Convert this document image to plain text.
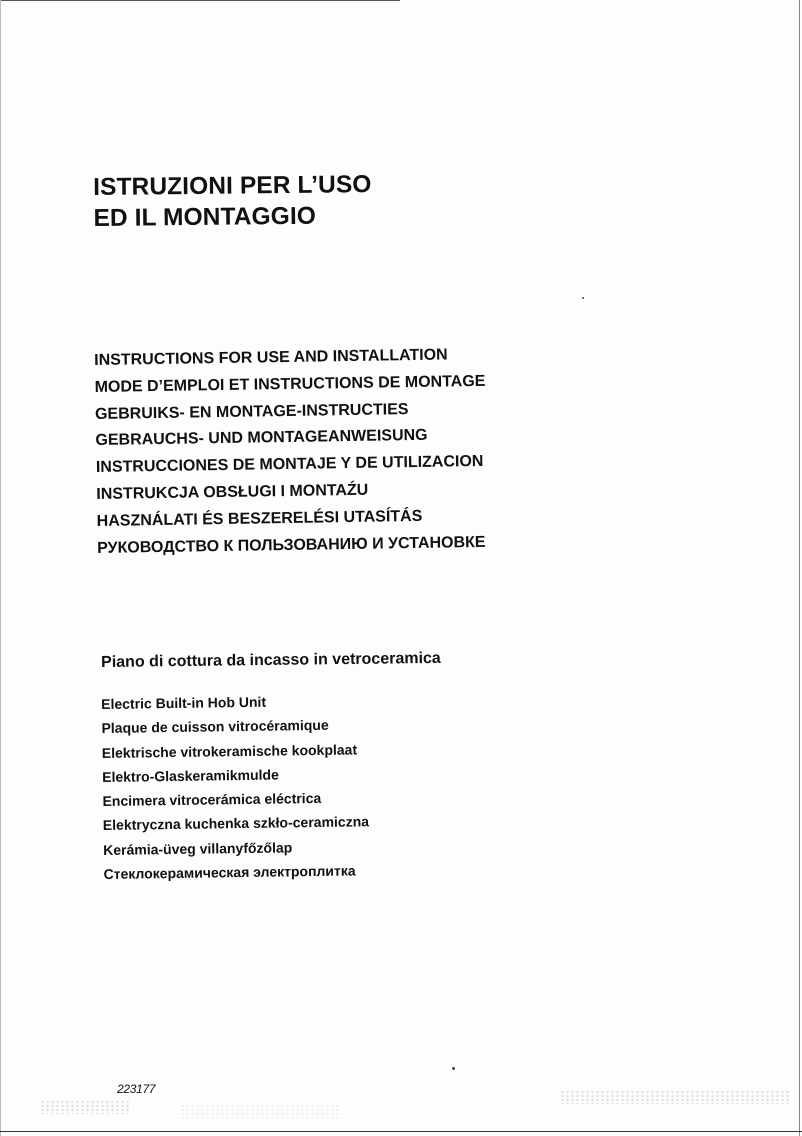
ISTRUZIONI PER L’USO
ED IL MONTAGGIO
INSTRUCTIONS FOR USE AND INSTALLATION
MODE D’EMPLOI ET INSTRUCTIONS DE MONTAGE
GEBRUIKS- EN MONTAGE-INSTRUCTIES
GEBRAUCHS- UND MONTAGEANWEISUNG
INSTRUCCIONES DE MONTAJE Y DE UTILIZACION
INSTRUKCJA OBSŁUGI I MONTAŹU
HASZNÁLATI ÉS BESZERELÉSI UTASÍTÁS
РУКОВОДСТВО К ПОЛЬЗОВАНИЮ И УСТАНОВКЕ
Piano di cottura da incasso in vetroceramica
Electric Built-in Hob Unit
Plaque de cuisson vitrocéramique
Elektrische vitrokeramische kookplaat
Elektro-Glaskeramikmulde
Encimera vitrocerámica eléctrica
Elektryczna kuchenka szkło-ceramiczna
Kerámia-üveg villanyfőzőlap
Стеклокерамическая электроплитка
223177
